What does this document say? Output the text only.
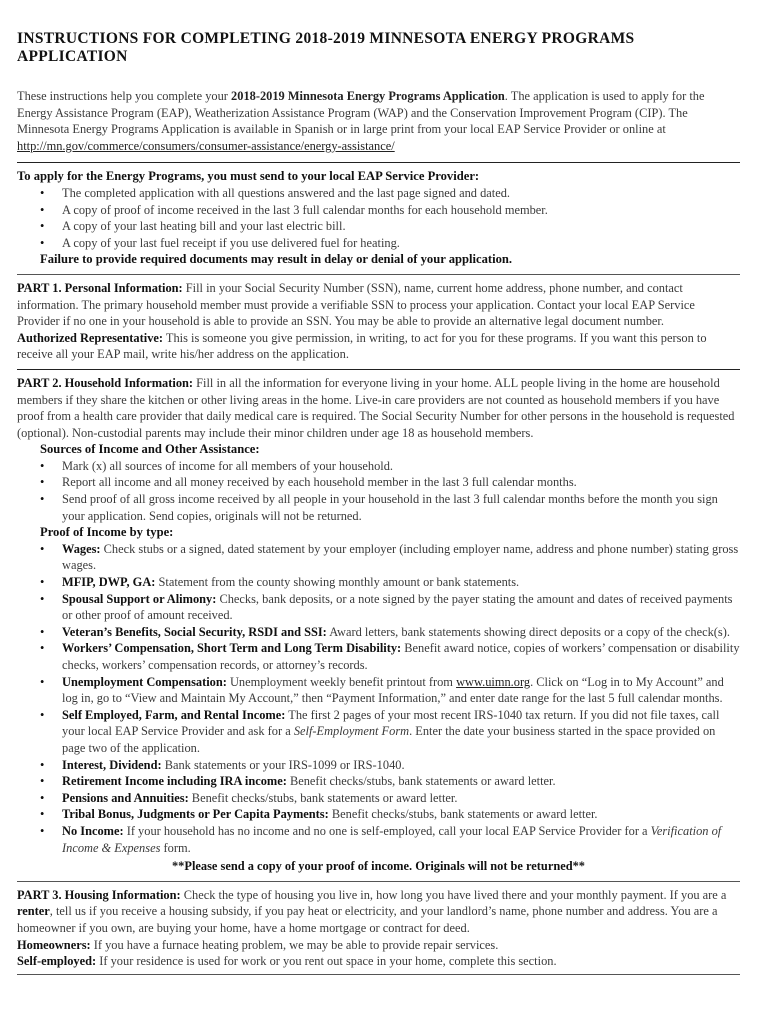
INSTRUCTIONS FOR COMPLETING 2018-2019 MINNESOTA ENERGY PROGRAMS APPLICATION

These instructions help you complete your 2018-2019 Minnesota Energy Programs Application. The application is used to apply for the Energy Assistance Program (EAP), Weatherization Assistance Program (WAP) and the Conservation Improvement Program (CIP). The Minnesota Energy Programs Application is available in Spanish or in large print from your local EAP Service Provider or online at http://mn.gov/commerce/consumers/consumer-assistance/energy-assistance/

To apply for the Energy Programs, you must send to your local EAP Service Provider:
• The completed application with all questions answered and the last page signed and dated.
• A copy of proof of income received in the last 3 full calendar months for each household member.
• A copy of your last heating bill and your last electric bill.
• A copy of your last fuel receipt if you use delivered fuel for heating.
Failure to provide required documents may result in delay or denial of your application.

PART 1. Personal Information: Fill in your Social Security Number (SSN), name, current home address, phone number, and contact information. The primary household member must provide a verifiable SSN to process your application. Contact your local EAP Service Provider if no one in your household is able to provide an SSN. You may be able to provide an alternative legal document number.

Authorized Representative: This is someone you give permission, in writing, to act for you for these programs. If you want this person to receive all your EAP mail, write his/her address on the application.

PART 2. Household Information: Fill in all the information for everyone living in your home. ALL people living in the home are household members if they share the kitchen or other living areas in the home. Live-in care providers are not counted as household members if you have proof from a health care provider that daily medical care is required. The Social Security Number for other persons in the household is requested (optional). Non-custodial parents may include their minor children under age 18 as household members.

Sources of Income and Other Assistance:
• Mark (x) all sources of income for all members of your household.
• Report all income and all money received by each household member in the last 3 full calendar months.
• Send proof of all gross income received by all people in your household in the last 3 full calendar months before the month you sign your application. Send copies, originals will not be returned.
Proof of Income by type:
• Wages: Check stubs or a signed, dated statement by your employer (including employer name, address and phone number) stating gross wages.
• MFIP, DWP, GA: Statement from the county showing monthly amount or bank statements.
• Spousal Support or Alimony: Checks, bank deposits, or a note signed by the payer stating the amount and dates of received payments or other proof of amount received.
• Veteran’s Benefits, Social Security, RSDI and SSI: Award letters, bank statements showing direct deposits or a copy of the check(s).
• Workers’ Compensation, Short Term and Long Term Disability: Benefit award notice, copies of workers’ compensation or disability checks, workers’ compensation records, or attorney’s records.
• Unemployment Compensation: Unemployment weekly benefit printout from www.uimn.org. Click on “Log in to My Account” and log in, go to “View and Maintain My Account,” then “Payment Information,” and enter date range for the last 5 full calendar months.
• Self Employed, Farm, and Rental Income: The first 2 pages of your most recent IRS-1040 tax return. If you did not file taxes, call your local EAP Service Provider and ask for a Self-Employment Form. Enter the date your business started in the space provided on page two of the application.
• Interest, Dividend: Bank statements or your IRS-1099 or IRS-1040.
• Retirement Income including IRA income: Benefit checks/stubs, bank statements or award letter.
• Pensions and Annuities: Benefit checks/stubs, bank statements or award letter.
• Tribal Bonus, Judgments or Per Capita Payments: Benefit checks/stubs, bank statements or award letter.
• No Income: If your household has no income and no one is self-employed, call your local EAP Service Provider for a Verification of Income & Expenses form.
**Please send a copy of your proof of income. Originals will not be returned**

PART 3. Housing Information: Check the type of housing you live in, how long you have lived there and your monthly payment. If you are a renter, tell us if you receive a housing subsidy, if you pay heat or electricity, and your landlord’s name, phone number and address. You are a homeowner if you own, are buying your home, have a home mortgage or contract for deed.

Homeowners: If you have a furnace heating problem, we may be able to provide repair services.

Self-employed: If your residence is used for work or you rent out space in your home, complete this section.
